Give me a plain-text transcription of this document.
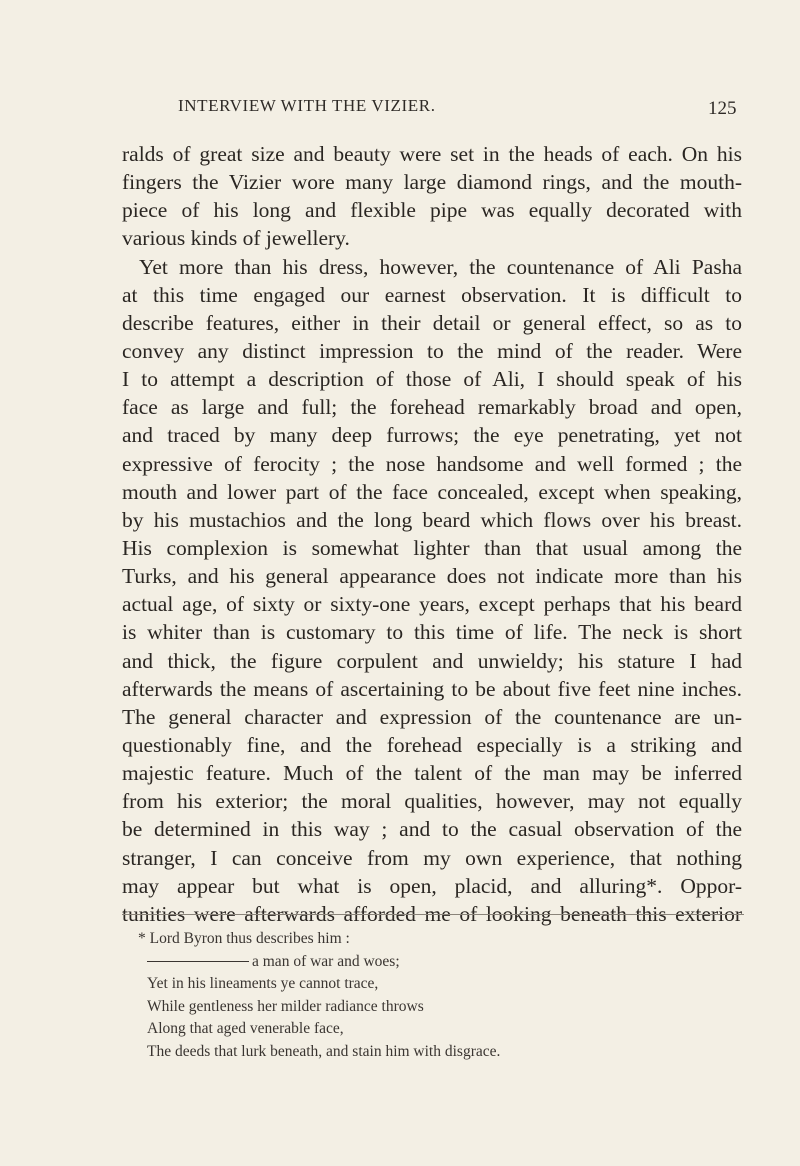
INTERVIEW WITH THE VIZIER.	125
ralds of great size and beauty were set in the heads of each. On his
fingers the Vizier wore many large diamond rings, and the mouth-
piece of his long and flexible pipe was equally decorated with
various kinds of jewellery.
Yet more than his dress, however, the countenance of Ali Pasha
at this time engaged our earnest observation. It is difficult to
describe features, either in their detail or general effect, so as to
convey any distinct impression to the mind of the reader. Were
I to attempt a description of those of Ali, I should speak of his
face as large and full; the forehead remarkably broad and open,
and traced by many deep furrows; the eye penetrating, yet not
expressive of ferocity ; the nose handsome and well formed ; the
mouth and lower part of the face concealed, except when speaking,
by his mustachios and the long beard which flows over his breast.
His complexion is somewhat lighter than that usual among the
Turks, and his general appearance does not indicate more than his
actual age, of sixty or sixty-one years, except perhaps that his beard
is whiter than is customary to this time of life. The neck is short
and thick, the figure corpulent and unwieldy; his stature I had
afterwards the means of ascertaining to be about five feet nine inches.
The general character and expression of the countenance are un-
questionably fine, and the forehead especially is a striking and
majestic feature. Much of the talent of the man may be inferred
from his exterior; the moral qualities, however, may not equally
be determined in this way ; and to the casual observation of the
stranger, I can conceive from my own experience, that nothing
may appear but what is open, placid, and alluring*. Oppor-
tunities were afterwards afforded me of looking beneath this exterior
* Lord Byron thus describes him :
a man of war and woes;
Yet in his lineaments ye cannot trace,
While gentleness her milder radiance throws
Along that aged venerable face,
The deeds that lurk beneath, and stain him with disgrace.
